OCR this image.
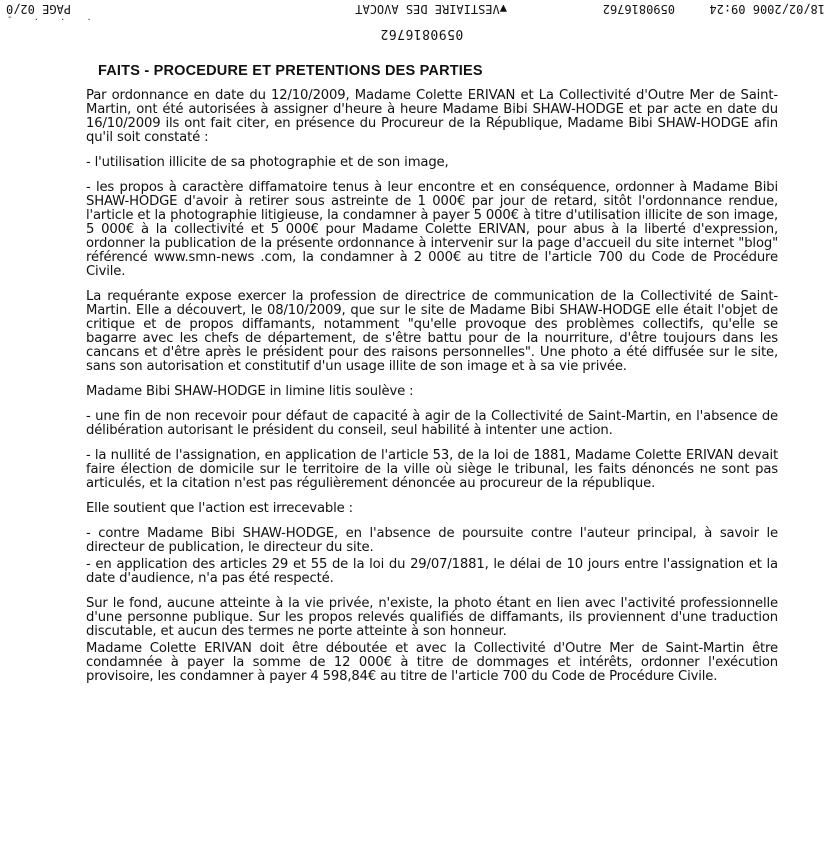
- . . .
FAITS - PROCEDURE ET PRETENTIONS DES PARTIES

Par ordonnance en date du 12/10/2009, Madame Colette ERIVAN et La Collectivité d'Outre Mer de Saint-Martin, ont été autorisées à assigner d'heure à heure Madame Bibi SHAW-HODGE et par acte en date du 16/10/2009 ils ont fait citer, en présence du Procureur de la République, Madame Bibi SHAW-HODGE afin qu'il soit constaté :

- l'utilisation illicite de sa photographie et de son image,

- les propos à caractère diffamatoire tenus à leur encontre et en conséquence, ordonner à Madame Bibi SHAW-HODGE d'avoir à retirer sous astreinte de 1 000€ par jour de retard, sitôt l'ordonnance rendue, l'article et la photographie litigieuse, la condamner à payer 5 000€ à titre d'utilisation illicite de son image, 5 000€ à la collectivité et 5 000€ pour Madame Colette ERIVAN, pour abus à la liberté d'expression, ordonner la publication de la présente ordonnance à intervenir sur la page d'accueil du site internet "blog" référencé www.smn-news .com, la condamner à 2 000€ au titre de l'article 700 du Code de Procédure Civile.

La requérante expose exercer la profession de directrice de communication de la Collectivité de Saint-Martin. Elle a découvert, le 08/10/2009, que sur le site de Madame Bibi SHAW-HODGE elle était l'objet de critique et de propos diffamants, notamment "qu'elle provoque des problèmes collectifs, qu'elle se bagarre avec les chefs de département, de s'être battu pour de la nourriture, d'être toujours dans les cancans et d'être après le président pour des raisons personnelles". Une photo a été diffusée sur le site, sans son autorisation et constitutif d'un usage illite de son image et à sa vie privée.

Madame Bibi SHAW-HODGE in limine litis soulève :

- une fin de non recevoir pour défaut de capacité à agir de la Collectivité de Saint-Martin, en l'absence de délibération autorisant le président du conseil, seul habilité à intenter une action.

- la nullité de l'assignation, en application de l'article 53, de la loi de 1881, Madame Colette ERIVAN devait faire élection de domicile sur le territoire de la ville où siège le tribunal, les faits dénoncés ne sont pas articulés, et la citation n'est pas régulièrement dénoncée au procureur de la république.

Elle soutient que l'action est irrecevable :

- contre Madame Bibi SHAW-HODGE, en l'absence de poursuite contre l'auteur principal, à savoir le directeur de publication, le directeur du site.

- en application des articles 29 et 55 de la loi du 29/07/1881, le délai de 10 jours entre l'assignation et la date d'audience, n'a pas été respecté.

Sur le fond, aucune atteinte à la vie privée, n'existe, la photo étant en lien avec l'activité professionnelle d'une personne publique. Sur les propos relevés qualifiés de diffamants, ils proviennent d'une traduction discutable, et aucun des termes ne porte atteinte à son honneur.

Madame Colette ERIVAN doit être déboutée et avec la Collectivité d'Outre Mer de Saint-Martin être condamnée à payer la somme de 12 000€ à titre de dommages et intérêts, ordonner l'exécution provisoire, les condamner à payer 4 598,84€ au titre de l'article 700 du Code de Procédure Civile.

0590816762
18/02/2006 09:24
0590816762
▼VESTIAIRE DES AVOCAT
PAGE 02/0
